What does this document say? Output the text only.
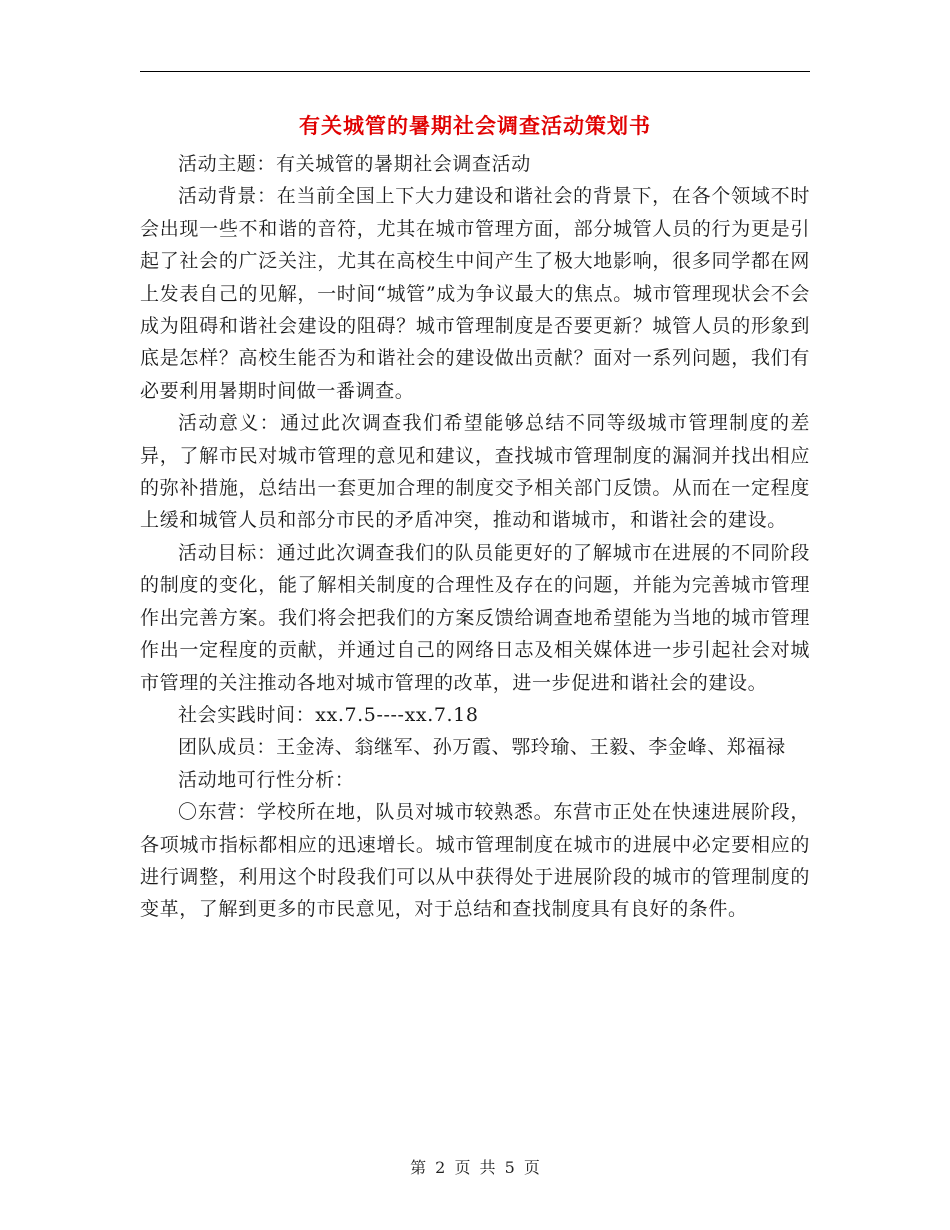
有关城管的暑期社会调查活动策划书

活动主题：有关城管的暑期社会调查活动

活动背景：在当前全国上下大力建设和谐社会的背景下，在各个领域不时会出现一些不和谐的音符，尤其在城市管理方面，部分城管人员的行为更是引起了社会的广泛关注，尤其在高校生中间产生了极大地影响，很多同学都在网上发表自己的见解，一时间“城管”成为争议最大的焦点。城市管理现状会不会成为阻碍和谐社会建设的阻碍？城市管理制度是否要更新？城管人员的形象到底是怎样？高校生能否为和谐社会的建设做出贡献？面对一系列问题，我们有必要利用暑期时间做一番调查。

活动意义：通过此次调查我们希望能够总结不同等级城市管理制度的差异，了解市民对城市管理的意见和建议，查找城市管理制度的漏洞并找出相应的弥补措施，总结出一套更加合理的制度交予相关部门反馈。从而在一定程度上缓和城管人员和部分市民的矛盾冲突，推动和谐城市，和谐社会的建设。

活动目标：通过此次调查我们的队员能更好的了解城市在进展的不同阶段的制度的变化，能了解相关制度的合理性及存在的问题，并能为完善城市管理作出完善方案。我们将会把我们的方案反馈给调查地希望能为当地的城市管理作出一定程度的贡献，并通过自己的网络日志及相关媒体进一步引起社会对城市管理的关注推动各地对城市管理的改革，进一步促进和谐社会的建设。

社会实践时间：xx.7.5----xx.7.18

团队成员：王金涛、翁继军、孙万霞、鄂玲瑜、王毅、李金峰、郑福禄

活动地可行性分析：

〇东营：学校所在地，队员对城市较熟悉。东营市正处在快速进展阶段，各项城市指标都相应的迅速增长。城市管理制度在城市的进展中必定要相应的进行调整，利用这个时段我们可以从中获得处于进展阶段的城市的管理制度的变革，了解到更多的市民意见，对于总结和查找制度具有良好的条件。

第 2 页 共 5 页
